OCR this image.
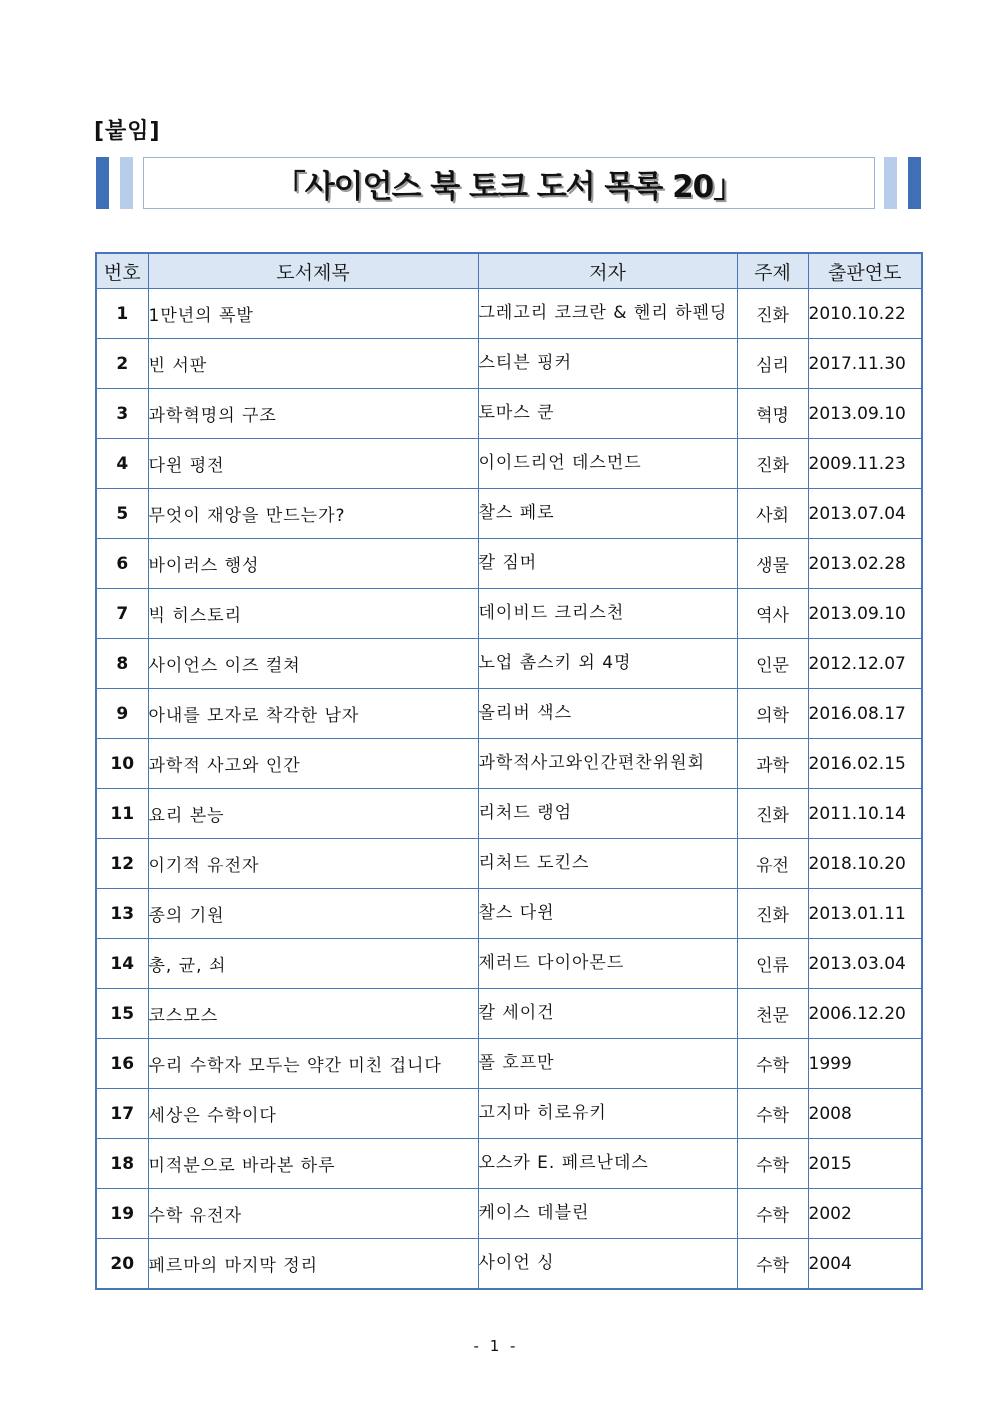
[붙임]
「사이언스 북 토크 도서 목록 20」
번호	도서제목	저자	주제	출판연도
1	1만년의 폭발	그레고리 코크란 & 헨리 하펜딩	진화	2010.10.22
2	빈 서판	스티븐 핑커	심리	2017.11.30
3	과학혁명의 구조	토마스 쿤	혁명	2013.09.10
4	다윈 평전	이이드리언 데스먼드	진화	2009.11.23
5	무엇이 재앙을 만드는가?	찰스 페로	사회	2013.07.04
6	바이러스 행성	칼 짐머	생물	2013.02.28
7	빅 히스토리	데이비드 크리스천	역사	2013.09.10
8	사이언스 이즈 컬쳐	노업 촘스키 외 4명	인문	2012.12.07
9	아내를 모자로 착각한 남자	올리버 색스	의학	2016.08.17
10	과학적 사고와 인간	과학적사고와인간편찬위원회	과학	2016.02.15
11	요리 본능	리처드 랭엄	진화	2011.10.14
12	이기적 유전자	리처드 도킨스	유전	2018.10.20
13	종의 기원	찰스 다윈	진화	2013.01.11
14	총, 균, 쇠	제러드 다이아몬드	인류	2013.03.04
15	코스모스	칼 세이건	천문	2006.12.20
16	우리 수학자 모두는 약간 미친 겁니다	폴 호프만	수학	1999
17	세상은 수학이다	고지마 히로유키	수학	2008
18	미적분으로 바라본 하루	오스카 E. 페르난데스	수학	2015
19	수학 유전자	케이스 데블린	수학	2002
20	페르마의 마지막 정리	사이언 싱	수학	2004
- 1 -
